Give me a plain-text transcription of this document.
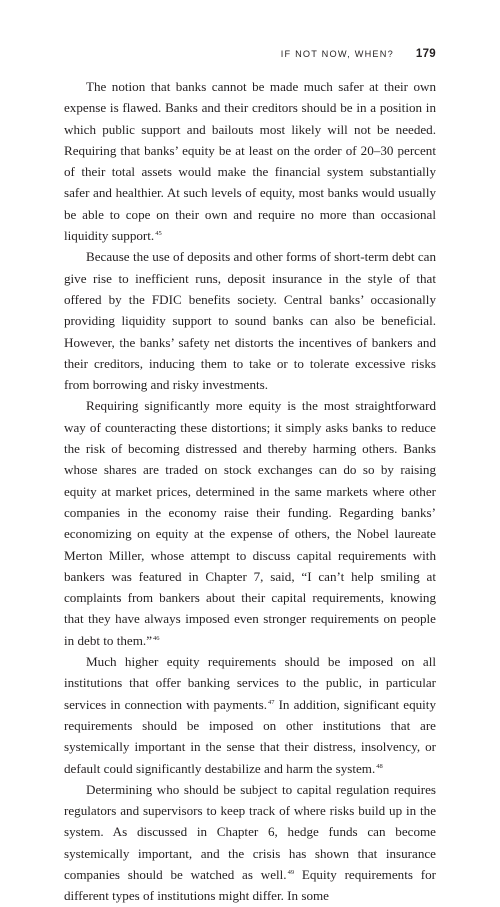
IF NOT NOW, WHEN? 179

The notion that banks cannot be made much safer at their own expense is flawed. Banks and their creditors should be in a position in which public support and bailouts most likely will not be needed. Requiring that banks’ equity be at least on the order of 20–30 percent of their total assets would make the financial system substantially safer and healthier. At such levels of equity, most banks would usually be able to cope on their own and require no more than occasional liquidity support.$^{45}$

Because the use of deposits and other forms of short-term debt can give rise to inefficient runs, deposit insurance in the style of that offered by the FDIC benefits society. Central banks’ occasionally providing liquidity support to sound banks can also be beneficial. However, the banks’ safety net distorts the incentives of bankers and their creditors, inducing them to take or to tolerate excessive risks from borrowing and risky investments.

Requiring significantly more equity is the most straightforward way of counteracting these distortions; it simply asks banks to reduce the risk of becoming distressed and thereby harming others. Banks whose shares are traded on stock exchanges can do so by raising equity at market prices, determined in the same markets where other companies in the economy raise their funding. Regarding banks’ economizing on equity at the expense of others, the Nobel laureate Merton Miller, whose attempt to discuss capital requirements with bankers was featured in Chapter 7, said, “I can’t help smiling at complaints from bankers about their capital requirements, knowing that they have always imposed even stronger requirements on people in debt to them.”$^{46}$

Much higher equity requirements should be imposed on all institutions that offer banking services to the public, in particular services in connection with payments.$^{47}$ In addition, significant equity requirements should be imposed on other institutions that are systemically important in the sense that their distress, insolvency, or default could significantly destabilize and harm the system.$^{48}$

Determining who should be subject to capital regulation requires regulators and supervisors to keep track of where risks build up in the system. As discussed in Chapter 6, hedge funds can become systemically important, and the crisis has shown that insurance companies should be watched as well.$^{49}$ Equity requirements for different types of institutions might differ. In some
